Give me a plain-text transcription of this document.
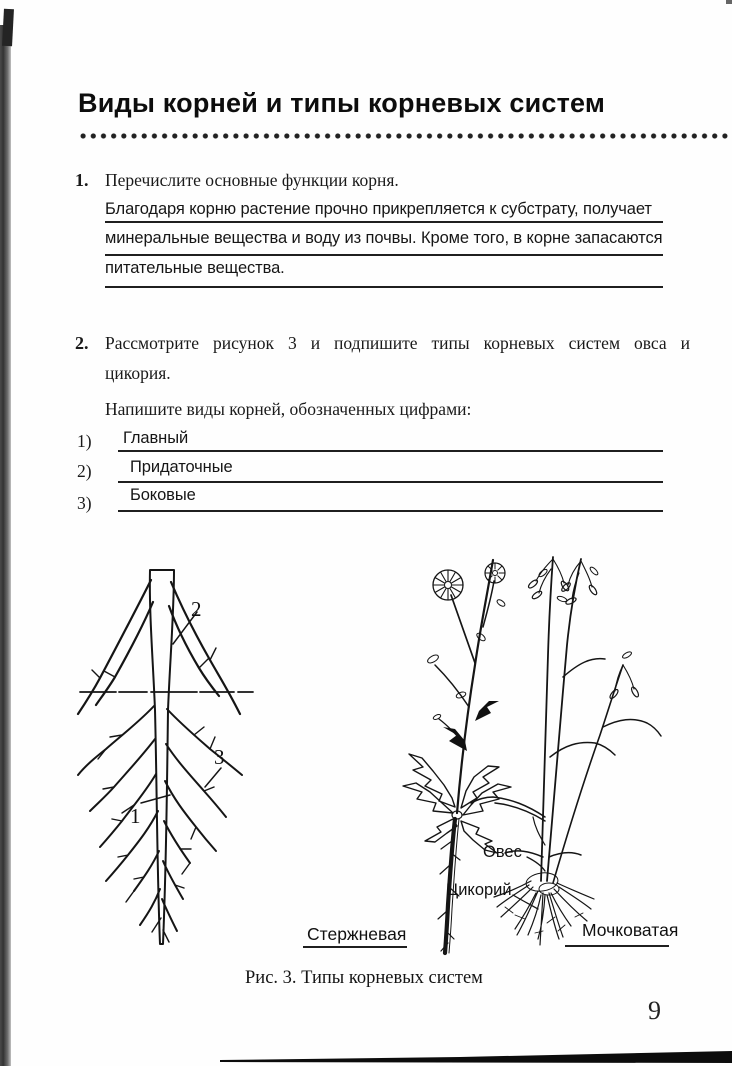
Виды корней и типы корневых систем
1. Перечислите основные функции корня.
Благодаря корню растение прочно прикрепляется к субстрату, получает
минеральные вещества и воду из почвы. Кроме того, в корне запасаются
питательные вещества.
2. Рассмотрите рисунок 3 и подпишите типы корневых систем овса и
цикория.
Напишите виды корней, обозначенных цифрами:
1) Главный
2) Придаточные
3) Боковые
2
3
1
Овес
Цикорий
Стержневая	Мочковатая
Рис. 3. Типы корневых систем
9
